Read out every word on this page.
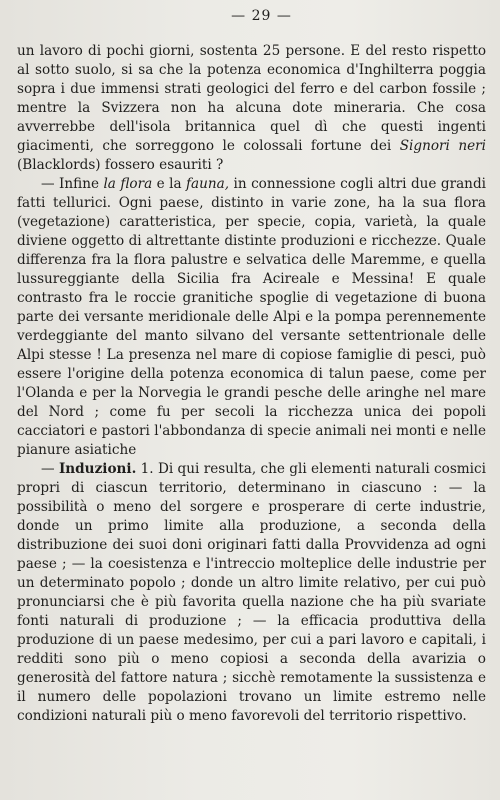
— 29 —

un lavoro di pochi giorni, sostenta 25 persone. E del resto rispetto al sotto suolo, si sa che la potenza economica d'Inghilterra poggia sopra i due immensi strati geologici del ferro e del carbon fossile ; mentre la Svizzera non ha alcuna dote mineraria. Che cosa avverrebbe dell'isola britannica quel dì che questi ingenti giacimenti, che sorreggono le colossali fortune dei Signori neri (Blacklords) fossero esauriti ?

— Infine la flora e la fauna, in connessione cogli altri due grandi fatti tellurici. Ogni paese, distinto in varie zone, ha la sua flora (vegetazione) caratteristica, per specie, copia, varietà, la quale diviene oggetto di altrettante distinte produzioni e ricchezze. Quale differenza fra la flora palustre e selvatica delle Maremme, e quella lussureggiante della Sicilia fra Acireale e Messina! E quale contrasto fra le roccie granitiche spoglie di vegetazione di buona parte dei versante meridionale delle Alpi e la pompa perennemente verdeggiante del manto silvano del versante settentrionale delle Alpi stesse ! La presenza nel mare di copiose famiglie di pesci, può essere l'origine della potenza economica di talun paese, come per l'Olanda e per la Norvegia le grandi pesche delle aringhe nel mare del Nord ; come fu per secoli la ricchezza unica dei popoli cacciatori e pastori l'abbondanza di specie animali nei monti e nelle pianure asiatiche

— Induzioni. 1. Di qui resulta, che gli elementi naturali cosmici propri di ciascun territorio, determinano in ciascuno : — la possibilità o meno del sorgere e prosperare di certe industrie, donde un primo limite alla produzione, a seconda della distribuzione dei suoi doni originari fatti dalla Provvidenza ad ogni paese ; — la coesistenza e l'intreccio molteplice delle industrie per un determinato popolo ; donde un altro limite relativo, per cui può pronunciarsi che è più favorita quella nazione che ha più svariate fonti naturali di produzione ; — la efficacia produttiva della produzione di un paese medesimo, per cui a pari lavoro e capitali, i redditi sono più o meno copiosi a seconda della avarizia o generosità del fattore natura ; sicchè remotamente la sussistenza e il numero delle popolazioni trovano un limite estremo nelle condizioni naturali più o meno favorevoli del territorio rispettivo.
